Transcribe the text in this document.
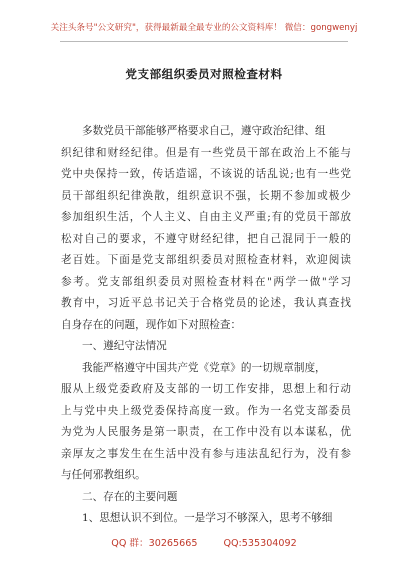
关注头条号"公文研究"，获得最新最全最专业的公文资料库！ 微信：gongwenyj
党支部组织委员对照检查材料
多数党员干部能够严格要求自己，遵守政治纪律、组
织纪律和财经纪律。但是有一些党员干部在政治上不能与
党中央保持一致，传话造谣，不该说的话乱说;也有一些党
员干部组织纪律涣散，组织意识不强，长期不参加或极少
参加组织生活，个人主义、自由主义严重;有的党员干部放
松对自己的要求，不遵守财经纪律，把自己混同于一般的
老百姓。下面是党支部组织委员对照检查材料，欢迎阅读
参考。党支部组织委员对照检查材料在"两学一做"学习
教育中，习近平总书记关于合格党员的论述，我认真查找
自身存在的问题，现作如下对照检查：
一、遵纪守法情况
我能严格遵守中国共产党《党章》的一切规章制度，
服从上级党委政府及支部的一切工作安排，思想上和行动
上与党中央上级党委保持高度一致。作为一名党支部委员
为党为人民服务是第一职责，在工作中没有以本谋私，优
亲厚友之事发生在生活中没有参与违法乱纪行为，没有参
与任何邪教组织。
二、存在的主要问题
1、思想认识不到位。一是学习不够深入，思考不够细
QQ 群：30265665	QQ:535304092
